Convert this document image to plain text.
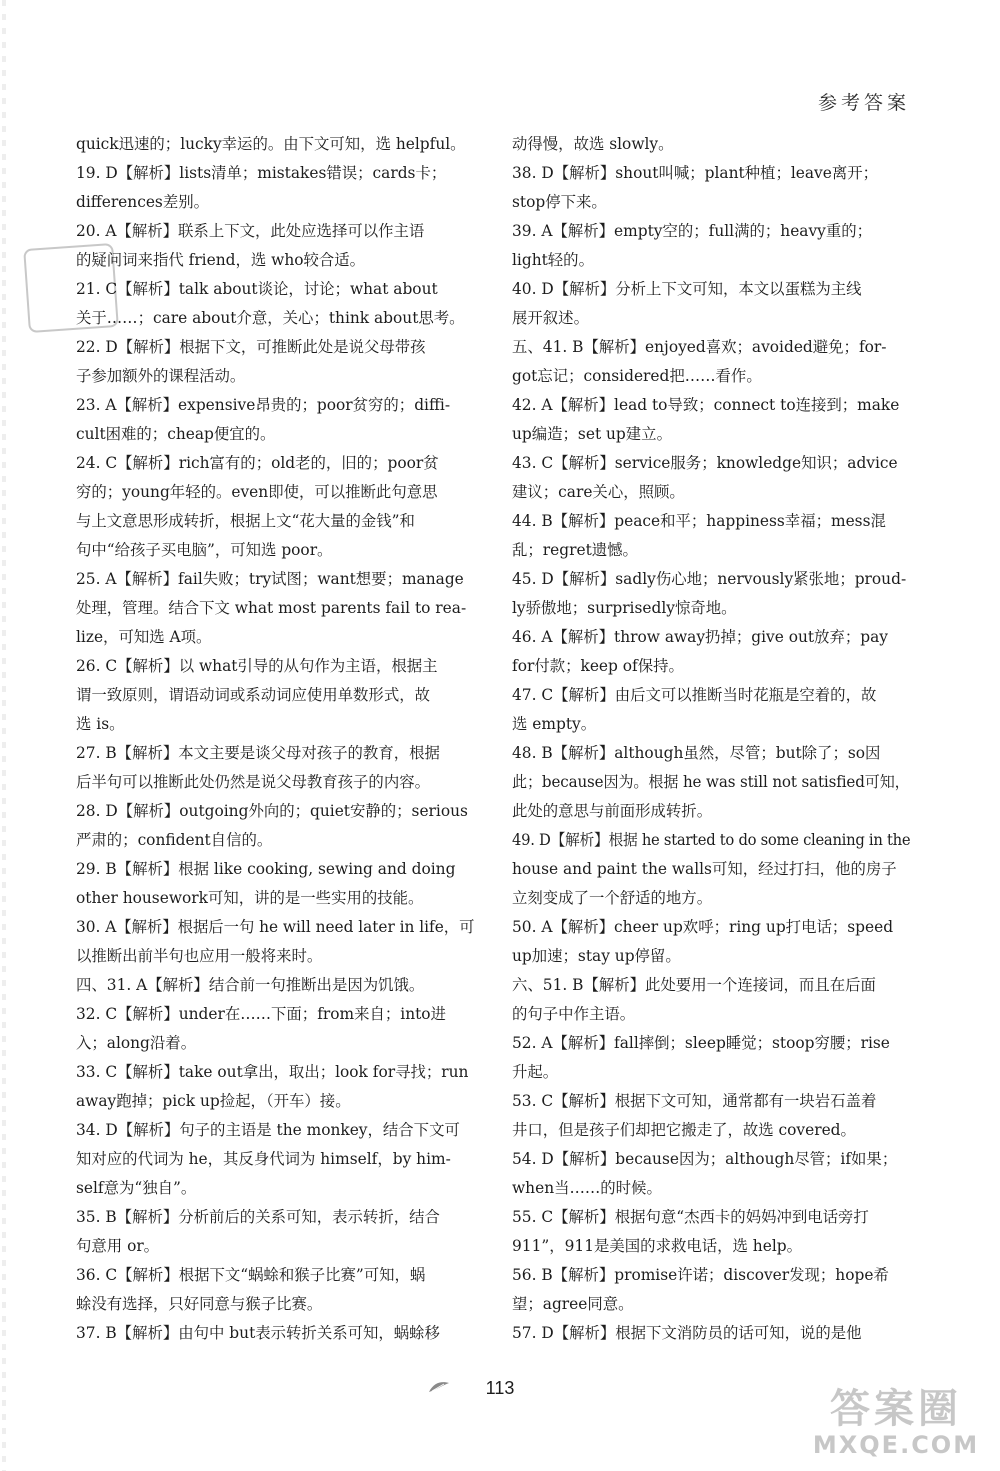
参考答案
quick迅速的；lucky幸运的。由下文可知，选 helpful。
19. D【解析】lists清单；mistakes错误；cards卡；
differences差别。
20. A【解析】联系上下文，此处应选择可以作主语
的疑问词来指代 friend，选 who较合适。
21. C【解析】talk about谈论，讨论；what about
关于……；care about介意，关心；think about思考。
22. D【解析】根据下文，可推断此处是说父母带孩
子参加额外的课程活动。
23. A【解析】expensive昂贵的；poor贫穷的；diffi-
cult困难的；cheap便宜的。
24. C【解析】rich富有的；old老的，旧的；poor贫
穷的；young年轻的。even即使，可以推断此句意思
与上文意思形成转折，根据上文“花大量的金钱”和
句中“给孩子买电脑”，可知选 poor。
25. A【解析】fail失败；try试图；want想要；manage
处理，管理。结合下文 what most parents fail to rea-
lize，可知选 A项。
26. C【解析】以 what引导的从句作为主语，根据主
谓一致原则，谓语动词或系动词应使用单数形式，故
选 is。
27. B【解析】本文主要是谈父母对孩子的教育，根据
后半句可以推断此处仍然是说父母教育孩子的内容。
28. D【解析】outgoing外向的；quiet安静的；serious
严肃的；confident自信的。
29. B【解析】根据 like cooking, sewing and doing
other housework可知，讲的是一些实用的技能。
30. A【解析】根据后一句 he will need later in life，可
以推断出前半句也应用一般将来时。
四、31. A【解析】结合前一句推断出是因为饥饿。
32. C【解析】under在……下面；from来自；into进
入；along沿着。
33. C【解析】take out拿出，取出；look for寻找；run
away跑掉；pick up捡起，（开车）接。
34. D【解析】句子的主语是 the monkey，结合下文可
知对应的代词为 he，其反身代词为 himself，by him-
self意为“独自”。
35. B【解析】分析前后的关系可知，表示转折，结合
句意用 or。
36. C【解析】根据下文“蜗蜍和猴子比赛”可知，蜗
蜍没有选择，只好同意与猴子比赛。
37. B【解析】由句中 but表示转折关系可知，蜗蜍移
动得慢，故选 slowly。
38. D【解析】shout叫喊；plant种植；leave离开；
stop停下来。
39. A【解析】empty空的；full满的；heavy重的；
light轻的。
40. D【解析】分析上下文可知，本文以蛋糕为主线
展开叙述。
五、41. B【解析】enjoyed喜欢；avoided避免；for-
got忘记；considered把……看作。
42. A【解析】lead to导致；connect to连接到；make
up编造；set up建立。
43. C【解析】service服务；knowledge知识；advice
建议；care关心，照顾。
44. B【解析】peace和平；happiness幸福；mess混
乱；regret遗憾。
45. D【解析】sadly伤心地；nervously紧张地；proud-
ly骄傲地；surprisedly惊奇地。
46. A【解析】throw away扔掉；give out放弃；pay
for付款；keep of保持。
47. C【解析】由后文可以推断当时花瓶是空着的，故
选 empty。
48. B【解析】although虽然，尽管；but除了；so因
此；because因为。根据 he was still not satisfied可知，
此处的意思与前面形成转折。
49. D【解析】根据 he started to do some cleaning in the
house and paint the walls可知，经过打扫，他的房子
立刻变成了一个舒适的地方。
50. A【解析】cheer up欢呼；ring up打电话；speed
up加速；stay up停留。
六、51. B【解析】此处要用一个连接词，而且在后面
的句子中作主语。
52. A【解析】fall摔倒；sleep睡觉；stoop穷腰；rise
升起。
53. C【解析】根据下文可知，通常都有一块岩石盖着
井口，但是孩子们却把它搬走了，故选 covered。
54. D【解析】because因为；although尽管；if如果；
when当……的时候。
55. C【解析】根据句意“杰西卡的妈妈冲到电话旁打
911”，911是美国的求救电话，选 help。
56. B【解析】promise许诺；discover发现；hope希
望；agree同意。
57. D【解析】根据下文消防员的话可知，说的是他
113	答案圈
MXQE.COM
